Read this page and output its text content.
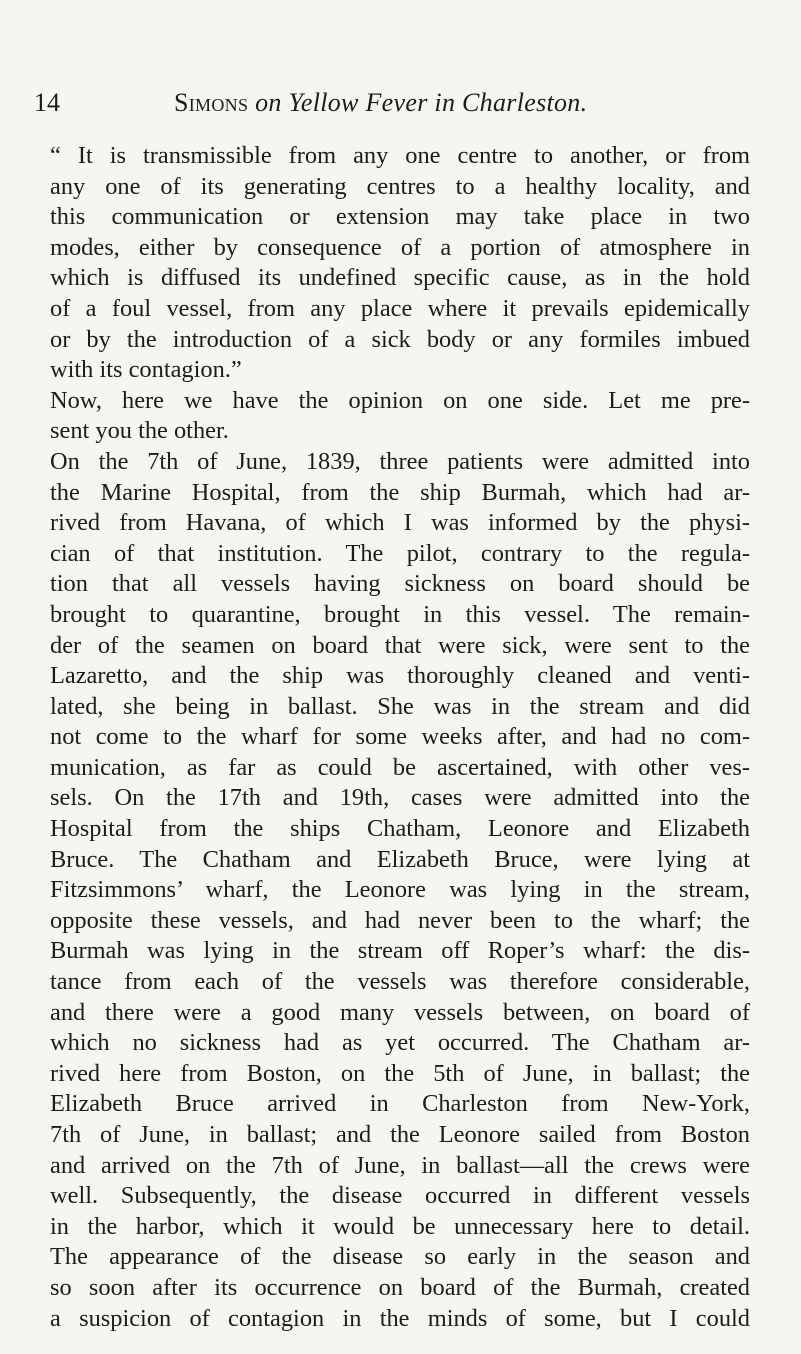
14	Simons on Yellow Fever in Charleston.
“ It is transmissible from any one centre to another, or from
any one of its generating centres to a healthy locality, and
this communication or extension may take place in two
modes, either by consequence of a portion of atmosphere in
which is diffused its undefined specific cause, as in the hold
of a foul vessel, from any place where it prevails epidemically
or by the introduction of a sick body or any formiles imbued
with its contagion.”
Now, here we have the opinion on one side. Let me pre-
sent you the other.
On the 7th of June, 1839, three patients were admitted into
the Marine Hospital, from the ship Burmah, which had ar-
rived from Havana, of which I was informed by the physi-
cian of that institution. The pilot, contrary to the regula-
tion that all vessels having sickness on board should be
brought to quarantine, brought in this vessel. The remain-
der of the seamen on board that were sick, were sent to the
Lazaretto, and the ship was thoroughly cleaned and venti-
lated, she being in ballast. She was in the stream and did
not come to the wharf for some weeks after, and had no com-
munication, as far as could be ascertained, with other ves-
sels. On the 17th and 19th, cases were admitted into the
Hospital from the ships Chatham, Leonore and Elizabeth
Bruce. The Chatham and Elizabeth Bruce, were lying at
Fitzsimmons’ wharf, the Leonore was lying in the stream,
opposite these vessels, and had never been to the wharf; the
Burmah was lying in the stream off Roper’s wharf: the dis-
tance from each of the vessels was therefore considerable,
and there were a good many vessels between, on board of
which no sickness had as yet occurred. The Chatham ar-
rived here from Boston, on the 5th of June, in ballast; the
Elizabeth Bruce arrived in Charleston from New-York,
7th of June, in ballast; and the Leonore sailed from Boston
and arrived on the 7th of June, in ballast—all the crews were
well. Subsequently, the disease occurred in different vessels
in the harbor, which it would be unnecessary here to detail.
The appearance of the disease so early in the season and
so soon after its occurrence on board of the Burmah, created
a suspicion of contagion in the minds of some, but I could
